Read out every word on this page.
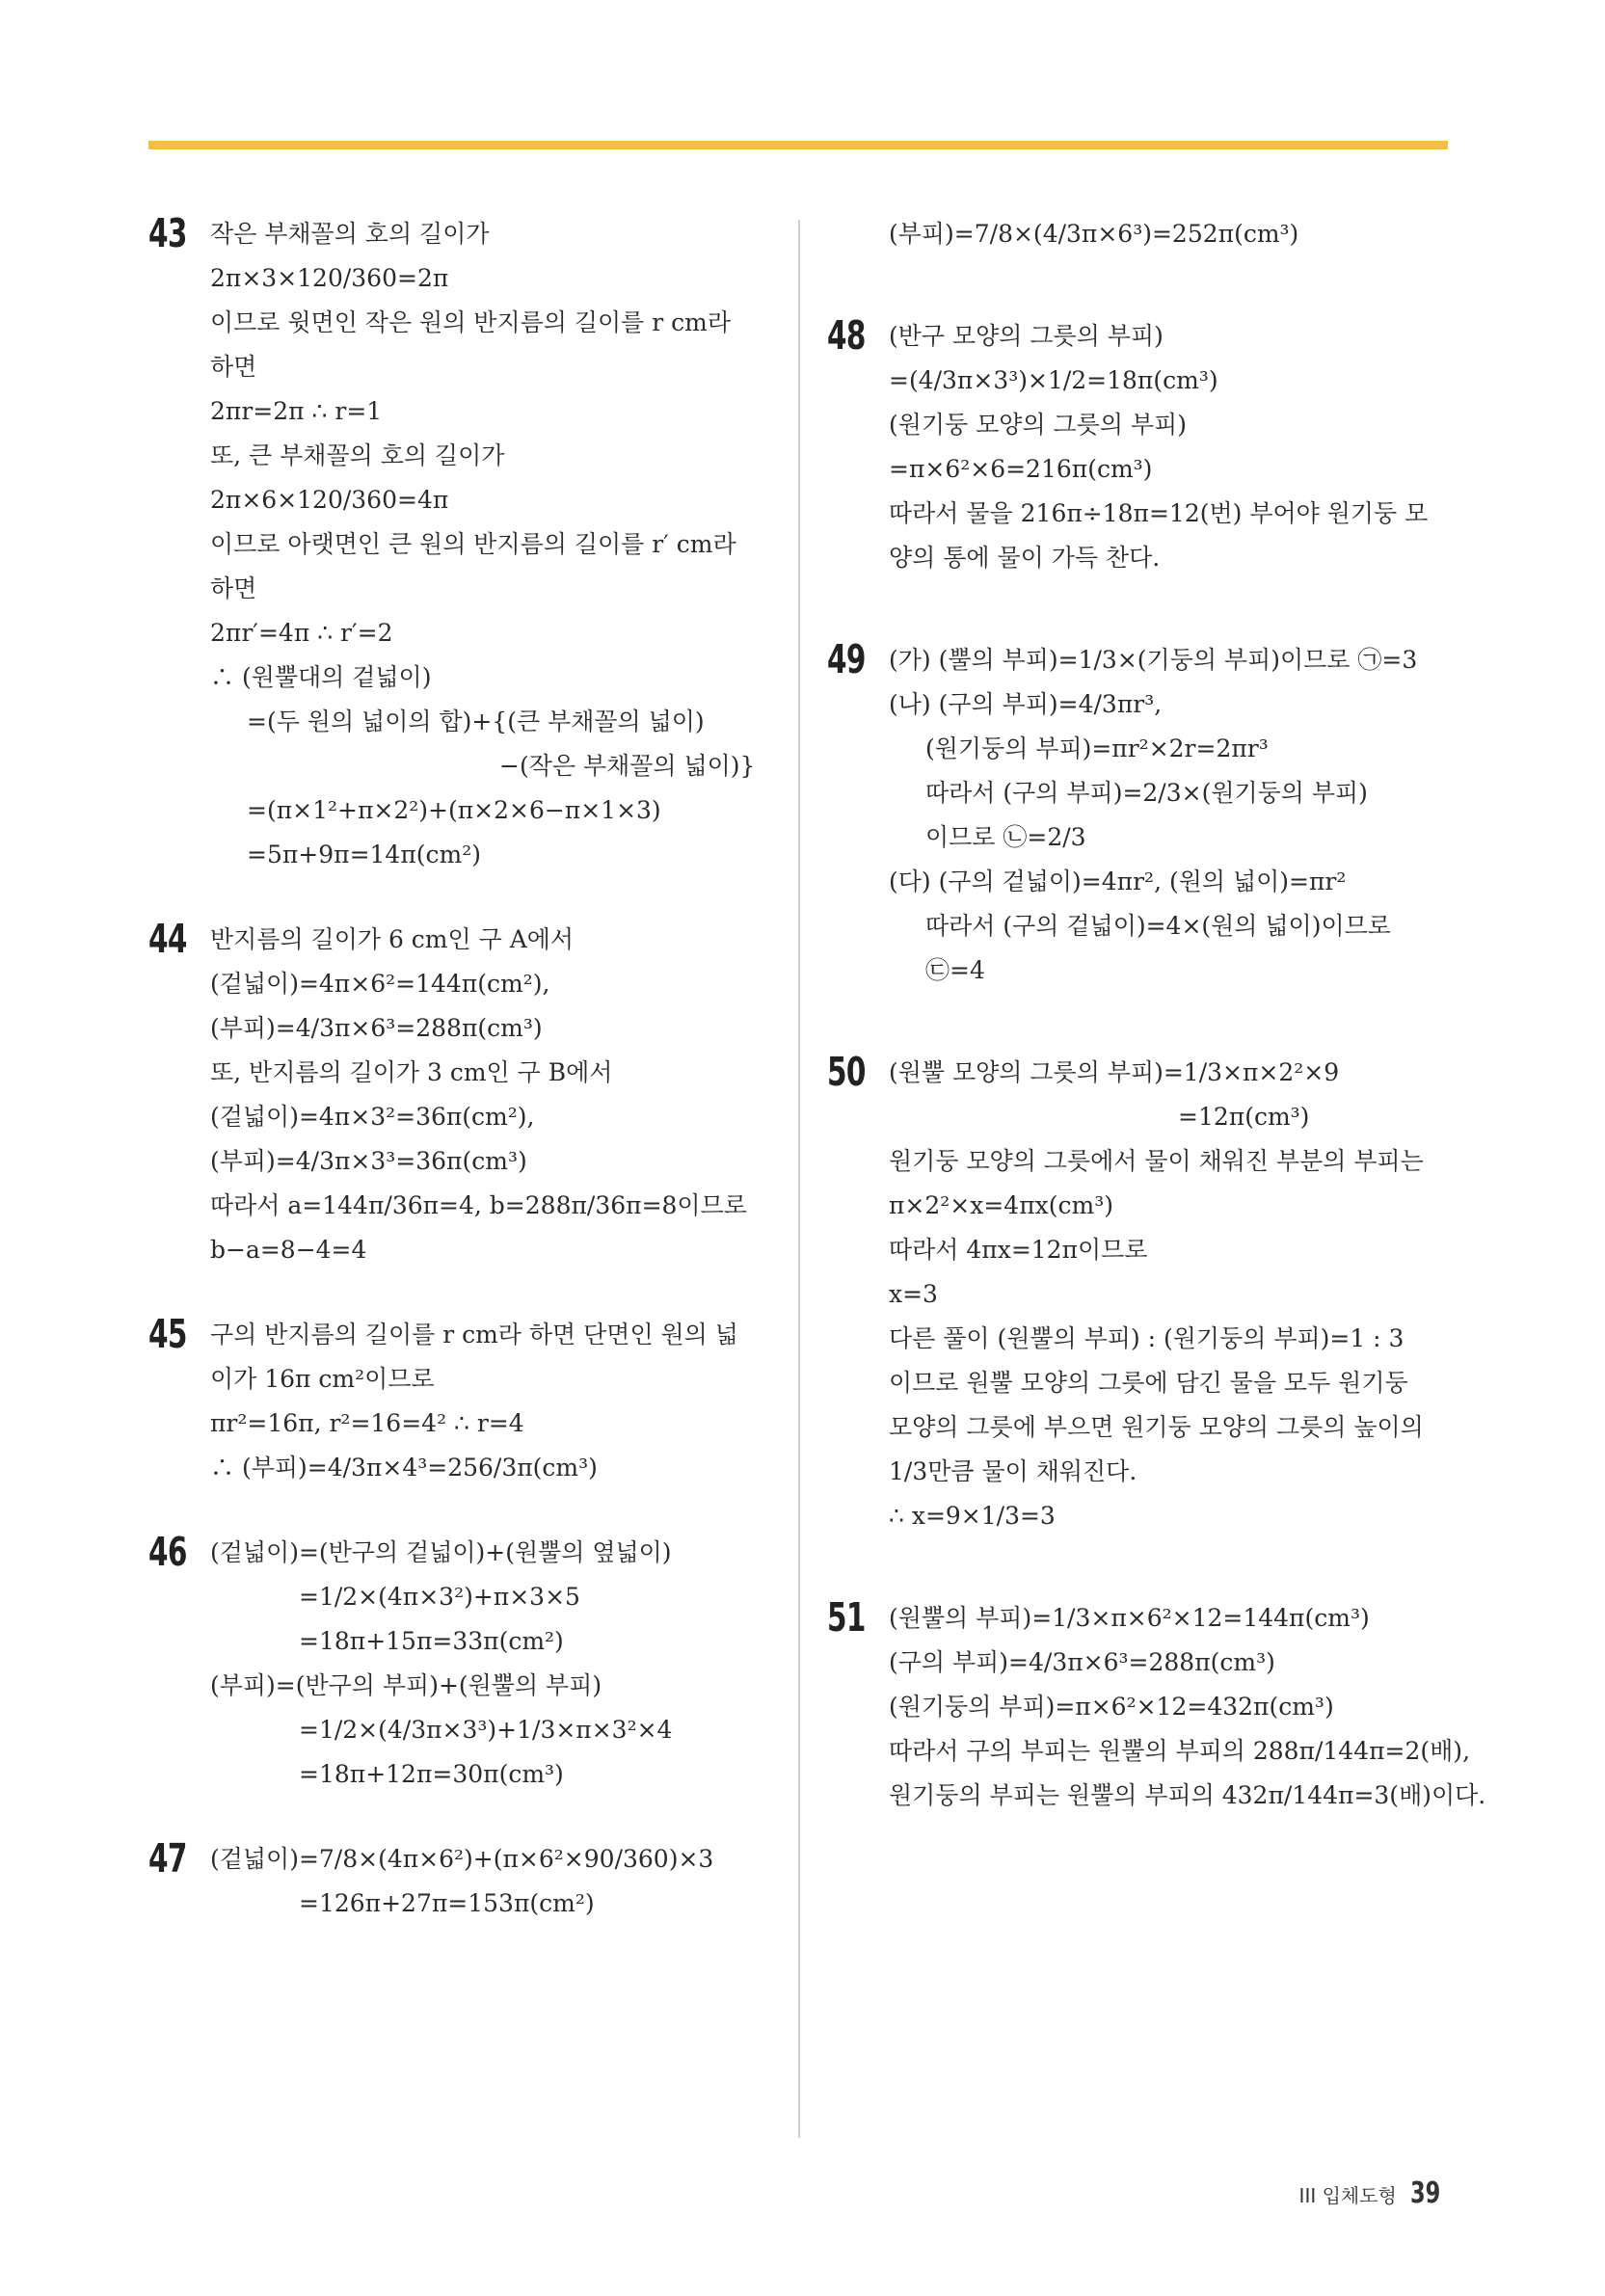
43 작은 부채꼴의 호의 길이가
2π×3×120/360=2π
이므로 윗면인 작은 원의 반지름의 길이를 r cm라
하면
2πr=2π ∴ r=1
또, 큰 부채꼴의 호의 길이가
2π×6×120/360=4π
이므로 아랫면인 큰 원의 반지름의 길이를 r′ cm라
하면
2πr′=4π ∴ r′=2
∴ (원뿔대의 겉넓이)
=(두 원의 넓이의 합)+{(큰 부채꼴의 넓이)
−(작은 부채꼴의 넓이)}
=(π×1²+π×2²)+(π×2×6−π×1×3)
=5π+9π=14π(cm²)
44 반지름의 길이가 6 cm인 구 A에서
(겉넓이)=4π×6²=144π(cm²),
(부피)=4/3π×6³=288π(cm³)
또, 반지름의 길이가 3 cm인 구 B에서
(겉넓이)=4π×3²=36π(cm²),
(부피)=4/3π×3³=36π(cm³)
따라서 a=144π/36π=4, b=288π/36π=8이므로
b−a=8−4=4
45 구의 반지름의 길이를 r cm라 하면 단면인 원의 넓
이가 16π cm²이므로
πr²=16π, r²=16=4² ∴ r=4
∴ (부피)=4/3π×4³=256/3π(cm³)
46 (겉넓이)=(반구의 겉넓이)+(원뿔의 옆넓이)
=1/2×(4π×3²)+π×3×5
=18π+15π=33π(cm²)
(부피)=(반구의 부피)+(원뿔의 부피)
=1/2×(4/3π×3³)+1/3×π×3²×4
=18π+12π=30π(cm³)
47 (겉넓이)=7/8×(4π×6²)+(π×6²×90/360)×3
=126π+27π=153π(cm²)
(부피)=7/8×(4/3π×6³)=252π(cm³)
48 (반구 모양의 그릇의 부피)
=(4/3π×3³)×1/2=18π(cm³)
(원기둥 모양의 그릇의 부피)
=π×6²×6=216π(cm³)
따라서 물을 216π÷18π=12(번) 부어야 원기둥 모
양의 통에 물이 가득 찬다.
49 (가) (뿔의 부피)=1/3×(기둥의 부피)이므로 ㉠=3
(나) (구의 부피)=4/3πr³,
(원기둥의 부피)=πr²×2r=2πr³
따라서 (구의 부피)=2/3×(원기둥의 부피)
이므로 ㉡=2/3
(다) (구의 겉넓이)=4πr², (원의 넓이)=πr²
따라서 (구의 겉넓이)=4×(원의 넓이)이므로
㉢=4
50 (원뿔 모양의 그릇의 부피)=1/3×π×2²×9
=12π(cm³)
원기둥 모양의 그릇에서 물이 채워진 부분의 부피는
π×2²×x=4πx(cm³)
따라서 4πx=12π이므로
x=3
다른 풀이 (원뿔의 부피) : (원기둥의 부피)=1 : 3
이므로 원뿔 모양의 그릇에 담긴 물을 모두 원기둥
모양의 그릇에 부으면 원기둥 모양의 그릇의 높이의
1/3만큼 물이 채워진다.
∴ x=9×1/3=3
51 (원뿔의 부피)=1/3×π×6²×12=144π(cm³)
(구의 부피)=4/3π×6³=288π(cm³)
(원기둥의 부피)=π×6²×12=432π(cm³)
따라서 구의 부피는 원뿔의 부피의 288π/144π=2(배),
원기둥의 부피는 원뿔의 부피의 432π/144π=3(배)이다.
III 입체도형 39
